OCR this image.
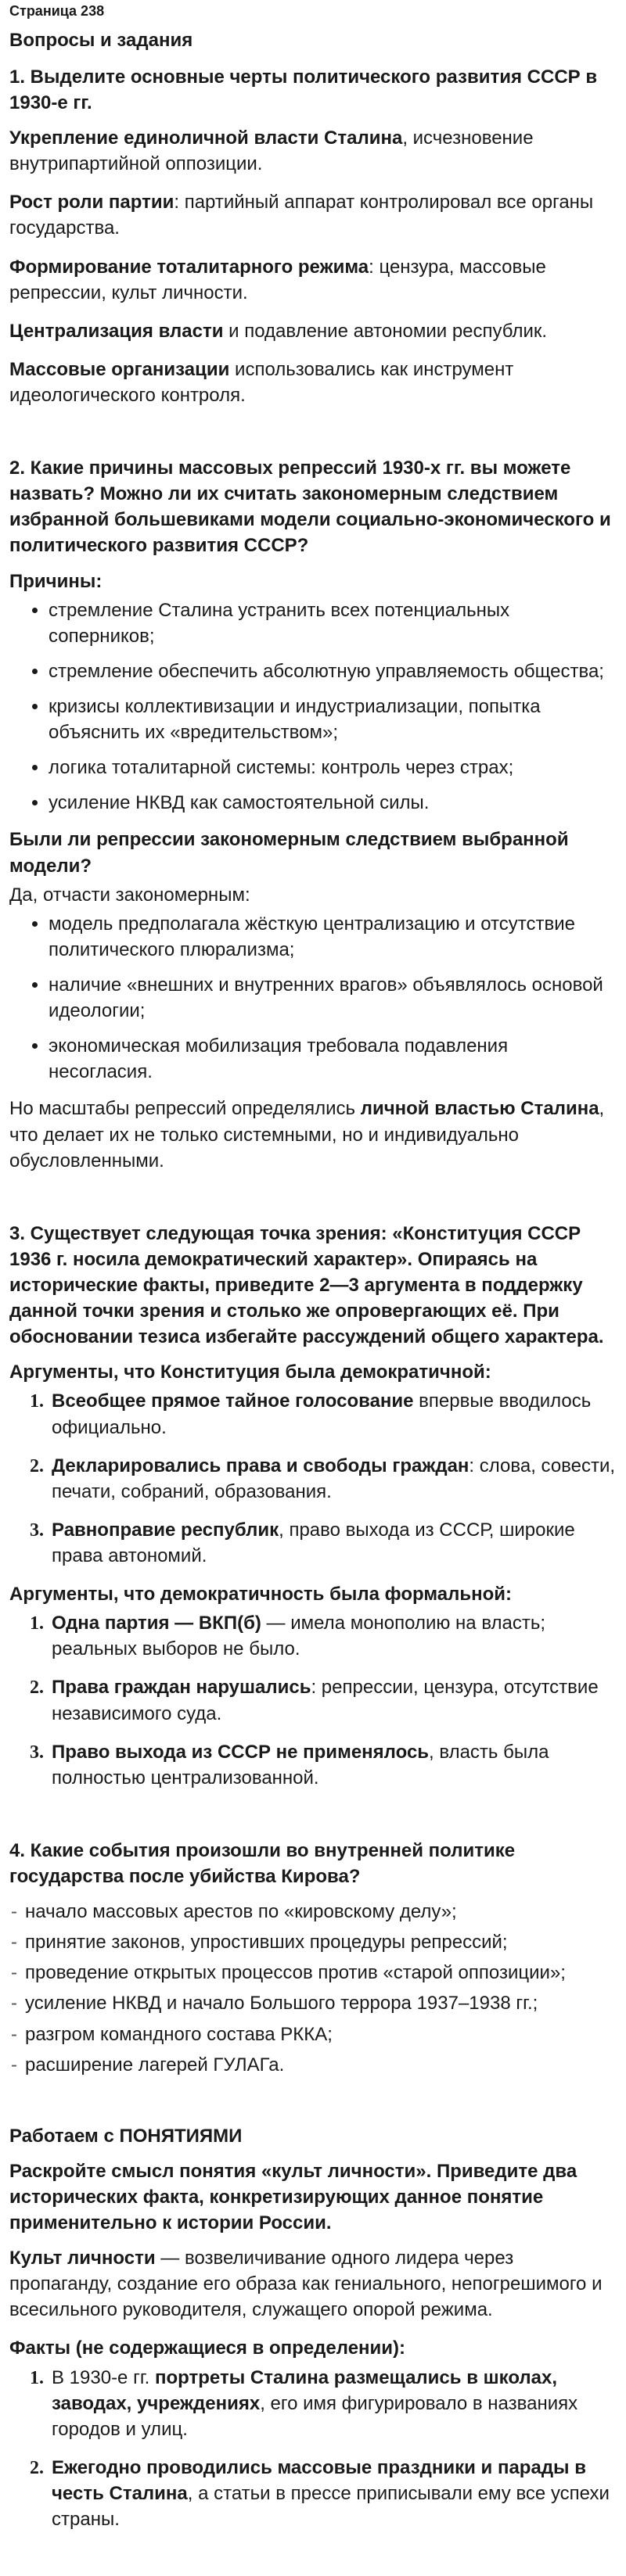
Страница 238

Вопросы и задания

1. Выделите основные черты политического развития СССР в 1930-е гг.

Укрепление единоличной власти Сталина, исчезновение внутрипартийной оппозиции.

Рост роли партии: партийный аппарат контролировал все органы государства.

Формирование тоталитарного режима: цензура, массовые репрессии, культ личности.

Централизация власти и подавление автономии республик.

Массовые организации использовались как инструмент идеологического контроля.

2. Какие причины массовых репрессий 1930-х гг. вы можете назвать? Можно ли их считать закономерным следствием избранной большевиками модели социально-экономического и политического развития СССР?

Причины:

• стремление Сталина устранить всех потенциальных соперников;
• стремление обеспечить абсолютную управляемость общества;
• кризисы коллективизации и индустриализации, попытка объяснить их «вредительством»;
• логика тоталитарной системы: контроль через страх;
• усиление НКВД как самостоятельной силы.

Были ли репрессии закономерным следствием выбранной модели?

Да, отчасти закономерным:

• модель предполагала жёсткую централизацию и отсутствие политического плюрализма;
• наличие «внешних и внутренних врагов» объявлялось основой идеологии;
• экономическая мобилизация требовала подавления несогласия.

Но масштабы репрессий определялись личной властью Сталина, что делает их не только системными, но и индивидуально обусловленными.

3. Существует следующая точка зрения: «Конституция СССР 1936 г. носила демократический характер». Опираясь на исторические факты, приведите 2—3 аргумента в поддержку данной точки зрения и столько же опровергающих её. При обосновании тезиса избегайте рассуждений общего характера.

Аргументы, что Конституция была демократичной:

1. Всеобщее прямое тайное голосование впервые вводилось официально.
2. Декларировались права и свободы граждан: слова, совести, печати, собраний, образования.
3. Равноправие республик, право выхода из СССР, широкие права автономий.

Аргументы, что демократичность была формальной:

1. Одна партия — ВКП(б) — имела монополию на власть; реальных выборов не было.
2. Права граждан нарушались: репрессии, цензура, отсутствие независимого суда.
3. Право выхода из СССР не применялось, власть была полностью централизованной.

4. Какие события произошли во внутренней политике государства после убийства Кирова?

- начало массовых арестов по «кировскому делу»;
- принятие законов, упростивших процедуры репрессий;
- проведение открытых процессов против «старой оппозиции»;
- усиление НКВД и начало Большого террора 1937–1938 гг.;
- разгром командного состава РККА;
- расширение лагерей ГУЛАГа.

Работаем с ПОНЯТИЯМИ

Раскройте смысл понятия «культ личности». Приведите два исторических факта, конкретизирующих данное понятие применительно к истории России.

Культ личности — возвеличивание одного лидера через пропаганду, создание его образа как гениального, непогрешимого и всесильного руководителя, служащего опорой режима.

Факты (не содержащиеся в определении):

1. В 1930-е гг. портреты Сталина размещались в школах, заводах, учреждениях, его имя фигурировало в названиях городов и улиц.
2. Ежегодно проводились массовые праздники и парады в честь Сталина, а статьи в прессе приписывали ему все успехи страны.
